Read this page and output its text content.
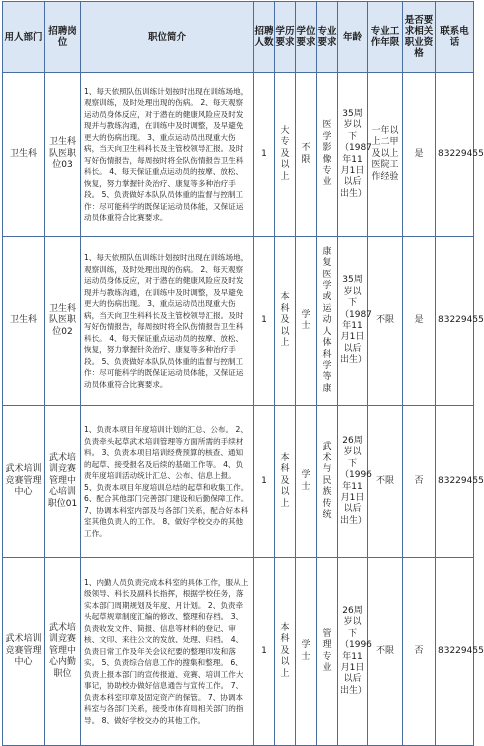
用人部门	招聘岗位	职位简介	招聘人数	学历要求	学位要求	专业要求	年龄	专业工作年限	是否要求相关职业资格	联系电话
卫生科	卫生科队医职位03	1、每天依照队伍训练计划按时出现在训练场地，观察训练，及时处理出现的伤病。 2、每天观察运动员身体反应，对于潜在的健康风险应及时发现并与教练沟通，在训练中及时调整，及早避免更大的伤病出现。 3、重点运动员出现重大伤病，当天向卫生科科长及主管校领导汇报。及时写好伤情报告，每周按时将全队伤情报告卫生科科长。 4、每天保证重点运动员的按摩、放松、恢复，努力掌握针灸治疗、康复等多种治疗手段。 5、负责做好本队队员体重的监督与控制工作：尽可能科学的既保证运动员体能，又保证运动员体重符合比赛要求。	1	大专及以上	不限	医学影像专业	35周岁以下（1987年11月1日以后出生）	一年以上二甲及以上医院工作经验	是	83229455
卫生科	卫生科队医职位02	1、每天依照队伍训练计划按时出现在训练场地，观察训练，及时处理出现的伤病。 2、每天观察运动员身体反应，对于潜在的健康风险应及时发现并与教练沟通，在训练中及时调整，及早避免更大的伤病出现。 3、重点运动员出现重大伤病，当天向卫生科科长及主管校领导汇报。及时写好伤情报告，每周按时将全队伤情报告卫生科科长。 4、每天保证重点运动员的按摩、放松、恢复，努力掌握针灸治疗、康复等多种治疗手段。 5、负责做好本队队员体重的监督与控制工作：尽可能科学的既保证运动员体能，又保证运动员体重符合比赛要求。	1	本科及以上	学士	康复医学或运动人体科学等康	35周岁以下（1987年11月1日以后出生）	不限	是	83229455
武术培训竞赛管理中心	武术培训竞赛管理中心培训职位01	1、负责本项目年度培训计划的汇总、公布。 2、负责牵头起草武术培训管理等方面所需的手续材料。 3、负责本项目培训经费预算的核查、通知的起草、接受报名及后续的基础工作等。 4、负责年度培训活动统计汇总、公布、信息上报。 5、负责本项目年度培训总结的起草和收集工作。 6、配合其他部门完善部门建设和后勤保障工作。 7、协调本科室内部及与各部门关系，配合好本科室其他负责人的工作。 8、做好学校交办的其他工作。	1	本科及以上	学士	武术与民族传统	26周岁以下（1996年11月1日以后出生）	不限	否	83229455
武术培训竞赛管理中心	武术培训竞赛管理中心内勤职位	1、内勤人员负责完成本科室的具体工作，服从上级领导、科长及副科长指挥，根据学校任务，落实本部门周期规划及年度、月计划。 2、负责牵头起草规章制度汇编的修改、整理和存档。 3、负责收发文件、简报、信息等材料的登记、审核、文印、来往公文的发放、处理、归档。 4、负责日常工作及年关会议纪要的整理印发和落实。 5、负责综合信息工作的搜集和整理。 6、负责上报本部门的宣传报道、竞赛、培训工作大事记，协助校办做好信息通告与宣传工作。 7、负责本科室印章及固定资产的保管。 7、协调本科室与各部门关系，接受市体育局相关部门的指导。 8、做好学校交办的其他工作。	1	本科及以上	学士	管理专业	26周岁以下（1996年11月1日以后出生）	不限	否	83229455
